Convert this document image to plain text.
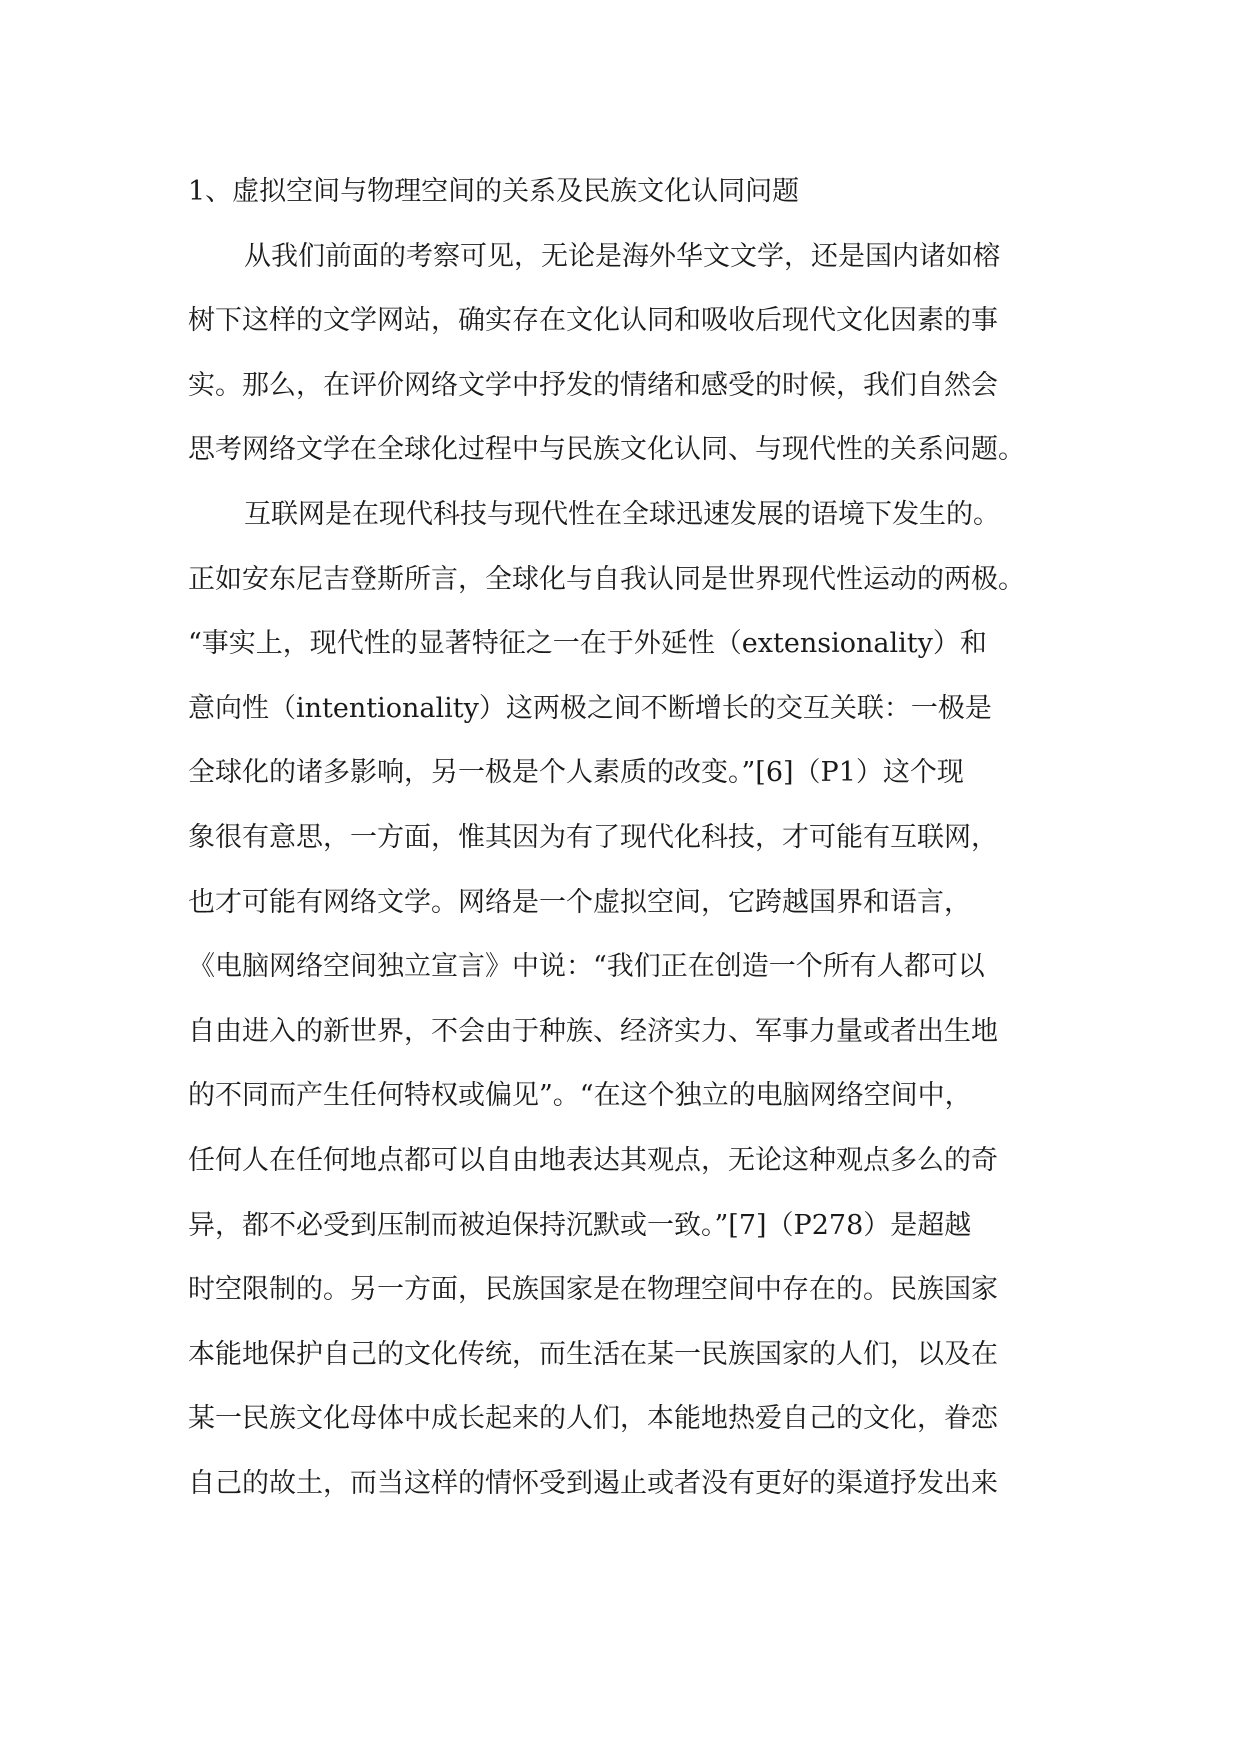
1、虚拟空间与物理空间的关系及民族文化认同问题
从我们前面的考察可见，无论是海外华文文学，还是国内诸如榕
树下这样的文学网站，确实存在文化认同和吸收后现代文化因素的事
实。那么，在评价网络文学中抒发的情绪和感受的时候，我们自然会
思考网络文学在全球化过程中与民族文化认同、与现代性的关系问题。
互联网是在现代科技与现代性在全球迅速发展的语境下发生的。
正如安东尼吉登斯所言，全球化与自我认同是世界现代性运动的两极。
“事实上，现代性的显著特征之一在于外延性（extensionality）和
意向性（intentionality）这两极之间不断增长的交互关联：一极是
全球化的诸多影响，另一极是个人素质的改变。”[6]（P1）这个现
象很有意思，一方面，惟其因为有了现代化科技，才可能有互联网，
也才可能有网络文学。网络是一个虚拟空间，它跨越国界和语言，
《电脑网络空间独立宣言》中说：“我们正在创造一个所有人都可以
自由进入的新世界，不会由于种族、经济实力、军事力量或者出生地
的不同而产生任何特权或偏见”。“在这个独立的电脑网络空间中，
任何人在任何地点都可以自由地表达其观点，无论这种观点多么的奇
异，都不必受到压制而被迫保持沉默或一致。”[7]（P278）是超越
时空限制的。另一方面，民族国家是在物理空间中存在的。民族国家
本能地保护自己的文化传统，而生活在某一民族国家的人们，以及在
某一民族文化母体中成长起来的人们，本能地热爱自己的文化，眷恋
自己的故土，而当这样的情怀受到遏止或者没有更好的渠道抒发出来
